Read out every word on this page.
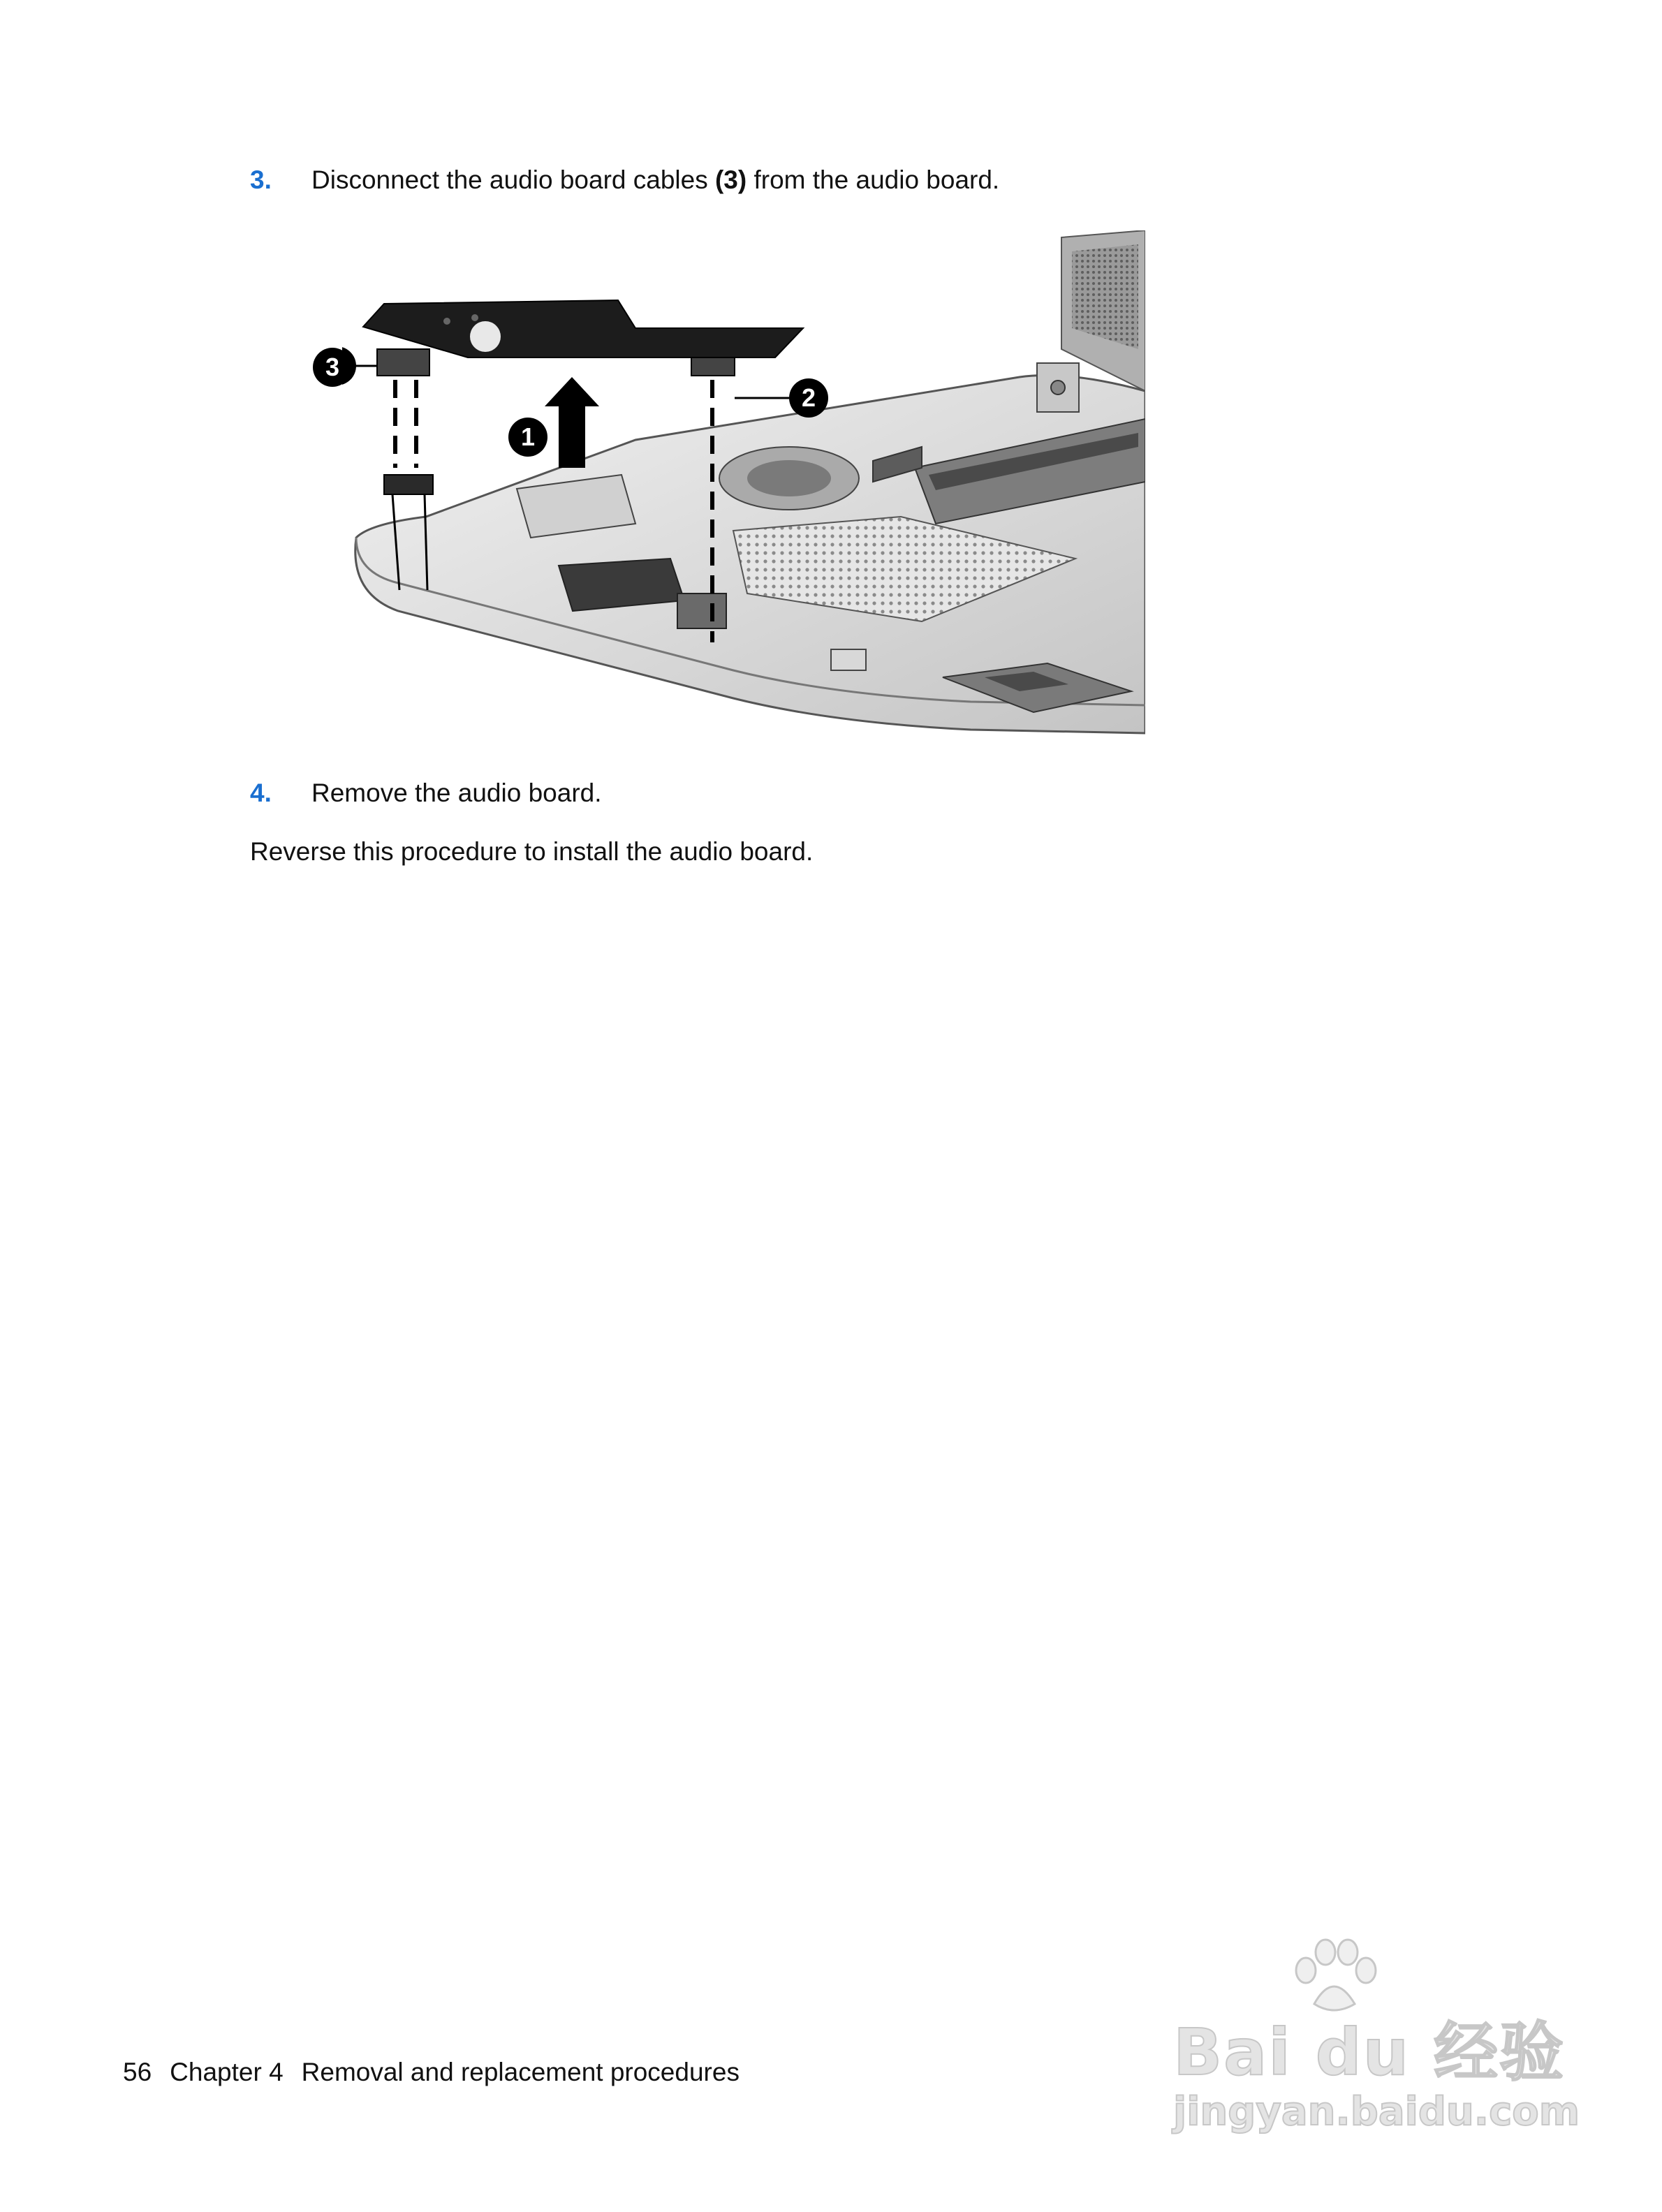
3. Disconnect the audio board cables (3) from the audio board.
3
2
1
4. Remove the audio board.
Reverse this procedure to install the audio board.
56 Chapter 4 Removal and replacement procedures	Bai du 经验
jingyan.baidu.com
